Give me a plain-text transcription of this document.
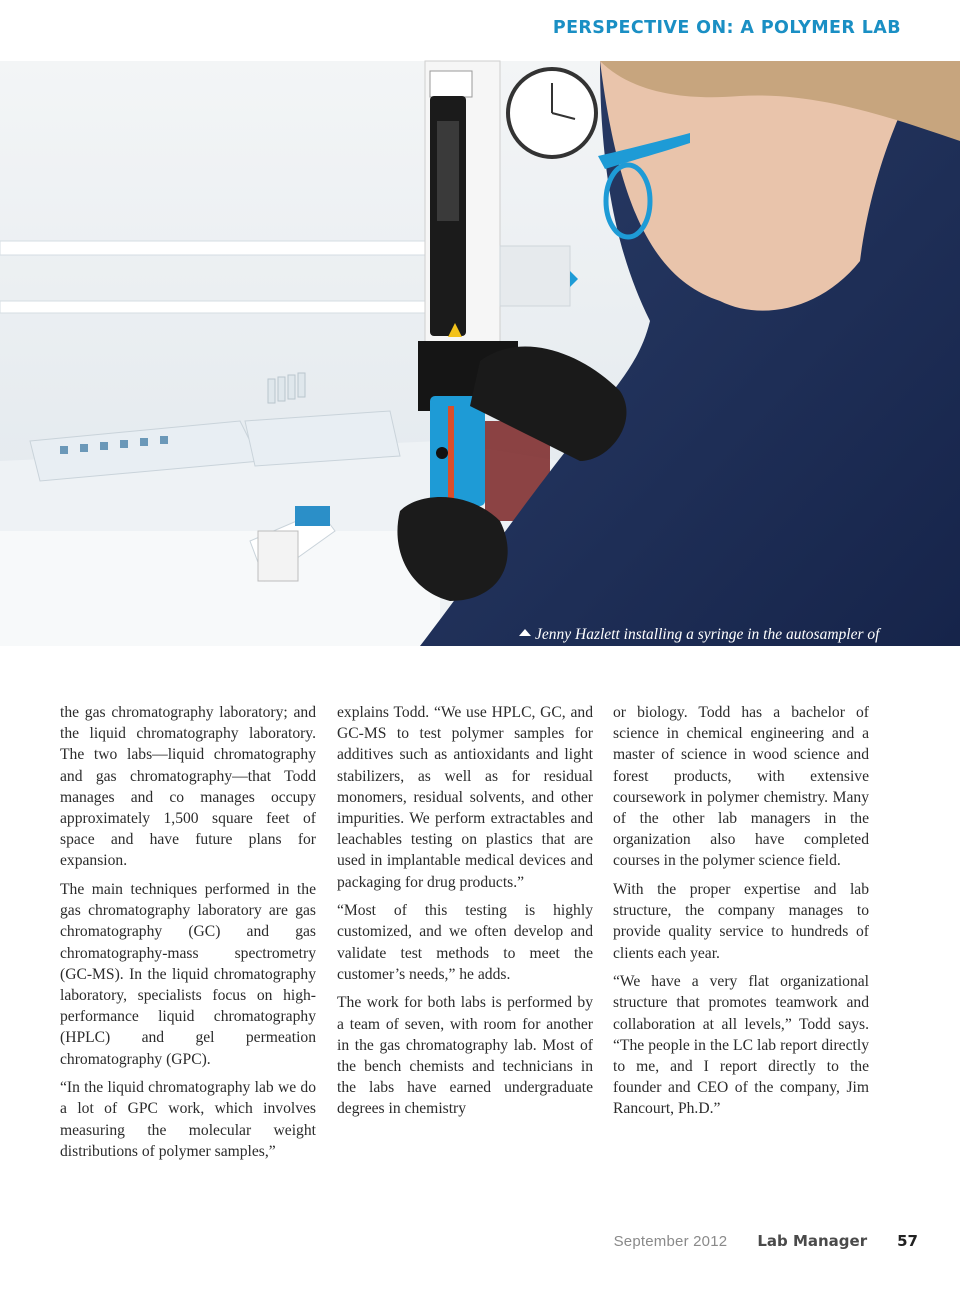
PERSPECTIVE ON: A POLYMER LAB
Jenny Hazlett installing a syringe in the autosampler of PSI’s GC-MS units.

the gas chromatography laboratory; and the liquid chromatography laboratory. The two labs—liquid chromatography and gas chromatography—that Todd manages and co manages occupy approximately 1,500 square feet of space and have future plans for expansion.

The main techniques performed in the gas chromatography laboratory are gas chromatography (GC) and gas chromatography-mass spectrometry (GC-MS). In the liquid chromatography laboratory, specialists focus on high-performance liquid chromatography (HPLC) and gel permeation chromatography (GPC).

“In the liquid chromatography lab we do a lot of GPC work, which involves measuring the molecular weight distributions of polymer samples,”

explains Todd. “We use HPLC, GC, and GC-MS to test polymer samples for additives such as antioxidants and light stabilizers, as well as for residual monomers, residual solvents, and other impurities. We perform extractables and leachables testing on plastics that are used in implantable medical devices and packaging for drug products.”

“Most of this testing is highly customized, and we often develop and validate test methods to meet the customer’s needs,” he adds.

The work for both labs is performed by a team of seven, with room for another in the gas chromatography lab. Most of the bench chemists and technicians in the labs have earned undergraduate degrees in chemistry

or biology. Todd has a bachelor of science in chemical engineering and a master of science in wood science and forest products, with extensive coursework in polymer chemistry. Many of the other lab managers in the organization also have completed courses in the polymer science field.

With the proper expertise and lab structure, the company manages to provide quality service to hundreds of clients each year.

“We have a very flat organizational structure that promotes teamwork and collaboration at all levels,” Todd says. “The people in the LC lab report directly to me, and I report directly to the founder and CEO of the company, Jim Rancourt, Ph.D.”

September 2012 Lab Manager 57
